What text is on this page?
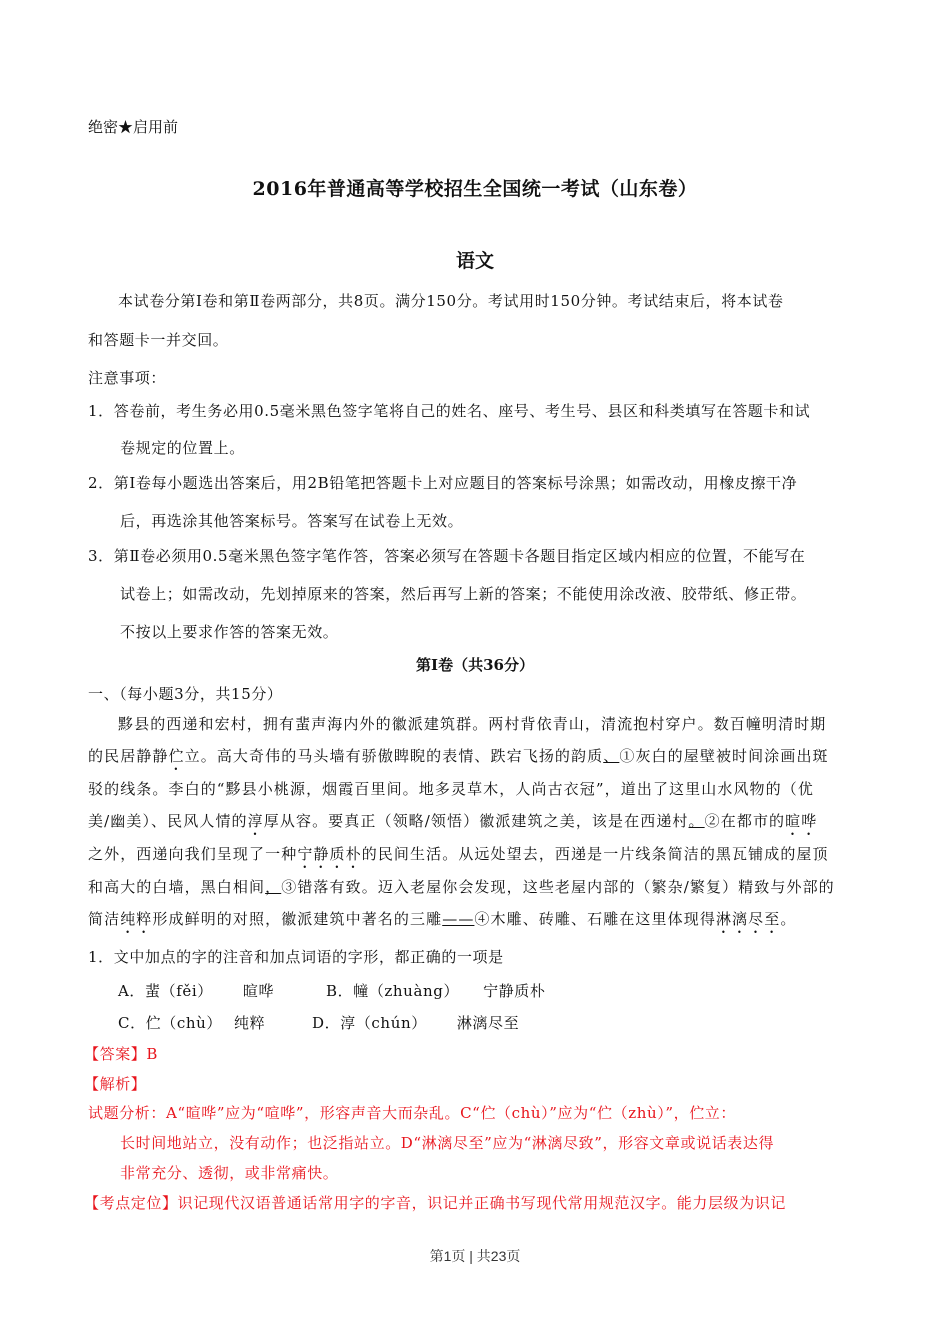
绝密★启用前
2016年普通高等学校招生全国统一考试（山东卷）
语文
本试卷分第Ⅰ卷和第Ⅱ卷两部分，共8页。满分150分。考试用时150分钟。考试结束后，将本试卷
和答题卡一并交回。
注意事项：
1．答卷前，考生务必用0.5毫米黑色签字笔将自己的姓名、座号、考生号、县区和科类填写在答题卡和试
卷规定的位置上。
2．第Ⅰ卷每小题选出答案后，用2B铅笔把答题卡上对应题目的答案标号涂黑；如需改动，用橡皮擦干净
后，再选涂其他答案标号。答案写在试卷上无效。
3．第Ⅱ卷必须用0.5毫米黑色签字笔作答，答案必须写在答题卡各题目指定区域内相应的位置，不能写在
试卷上；如需改动，先划掉原来的答案，然后再写上新的答案；不能使用涂改液、胶带纸、修正带。
不按以上要求作答的答案无效。
第Ⅰ卷（共36分）
一、（每小题3分，共15分）
黟县的西递和宏村，拥有蜚声海内外的徽派建筑群。两村背依青山，清流抱村穿户。数百幢明清时期
的民居静静伫立。高大奇伟的马头墙有骄傲睥睨的表情、跌宕飞扬的韵质、①灰白的屋壁被时间涂画出斑
驳的线条。李白的“黟县小桃源，烟霞百里间。地多灵草木，人尚古衣冠”，道出了这里山水风物的（优
美/幽美）、民风人情的淳厚从容。要真正（领略/领悟）徽派建筑之美，该是在西递村。②在都市的暄哗
之外，西递向我们呈现了一种宁静质朴的民间生活。从远处望去，西递是一片线条简洁的黑瓦铺成的屋顶
和高大的白墙，黑白相间，③错落有致。迈入老屋你会发现，这些老屋内部的（繁杂/繁复）精致与外部的
简洁纯粹形成鲜明的对照，徽派建筑中著名的三雕——④木雕、砖雕、石雕在这里体现得淋漓尽至。
1．文中加点的字的注音和加点词语的字形，都正确的一项是
A．蜚（fěi） 暄哗	B．幢（zhuàng） 宁静质朴
C．伫（chù） 纯粹	D．淳（chún） 淋漓尽至
【答案】B
【解析】
试题分析：A“暄哗”应为“喧哗”，形容声音大而杂乱。C“伫（chù）”应为“伫（zhù）”，伫立：
长时间地站立，没有动作；也泛指站立。D“淋漓尽至”应为“淋漓尽致”，形容文章或说话表达得
非常充分、透彻，或非常痛快。
【考点定位】识记现代汉语普通话常用字的字音，识记并正确书写现代常用规范汉字。能力层级为识记
第1页 | 共23页
